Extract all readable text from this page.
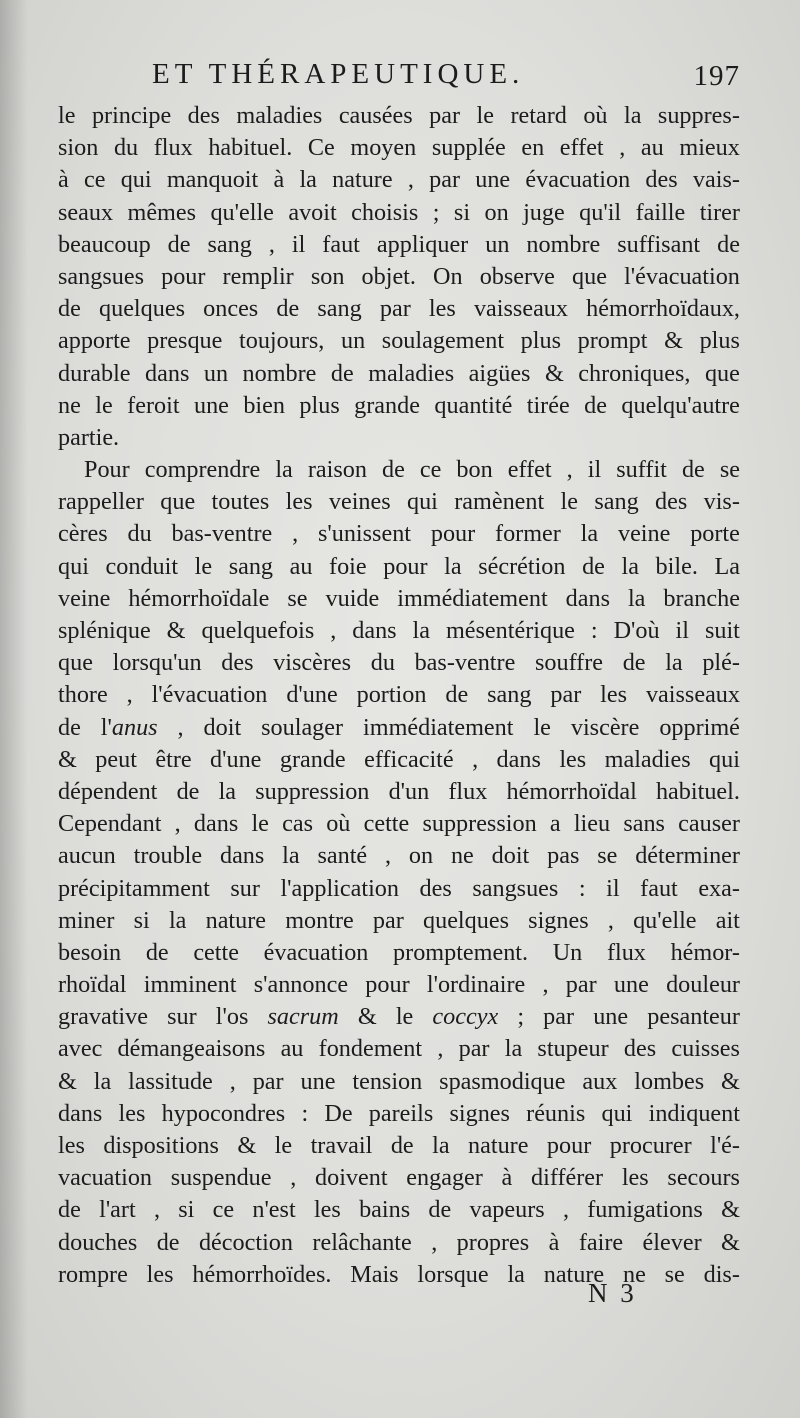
ET THÉRAPEUTIQUE.	197
le principe des maladies causées par le retard où la suppres-
sion du flux habituel. Ce moyen supplée en effet , au mieux
à ce qui manquoit à la nature , par une évacuation des vais-
seaux mêmes qu'elle avoit choisis ; si on juge qu'il faille tirer
beaucoup de sang , il faut appliquer un nombre suffisant de
sangsues pour remplir son objet. On observe que l'évacuation
de quelques onces de sang par les vaisseaux hémorrhoïdaux,
apporte presque toujours, un soulagement plus prompt & plus
durable dans un nombre de maladies aigües & chroniques, que
ne le feroit une bien plus grande quantité tirée de quelqu'autre
partie.
Pour comprendre la raison de ce bon effet , il suffit de se
rappeller que toutes les veines qui ramènent le sang des vis-
cères du bas-ventre , s'unissent pour former la veine porte
qui conduit le sang au foie pour la sécrétion de la bile. La
veine hémorrhoïdale se vuide immédiatement dans la branche
splénique & quelquefois , dans la mésentérique : D'où il suit
que lorsqu'un des viscères du bas-ventre souffre de la plé-
thore , l'évacuation d'une portion de sang par les vaisseaux
de l'anus , doit soulager immédiatement le viscère opprimé
& peut être d'une grande efficacité , dans les maladies qui
dépendent de la suppression d'un flux hémorrhoïdal habituel.
Cependant , dans le cas où cette suppression a lieu sans causer
aucun trouble dans la santé , on ne doit pas se déterminer
précipitamment sur l'application des sangsues : il faut exa-
miner si la nature montre par quelques signes , qu'elle ait
besoin de cette évacuation promptement. Un flux hémor-
rhoïdal imminent s'annonce pour l'ordinaire , par une douleur
gravative sur l'os sacrum & le coccyx ; par une pesanteur
avec démangeaisons au fondement , par la stupeur des cuisses
& la lassitude , par une tension spasmodique aux lombes &
dans les hypocondres : De pareils signes réunis qui indiquent
les dispositions & le travail de la nature pour procurer l'é-
vacuation suspendue , doivent engager à différer les secours
de l'art , si ce n'est les bains de vapeurs , fumigations &
douches de décoction relâchante , propres à faire élever &
rompre les hémorrhoïdes. Mais lorsque la nature ne se dis-
N 3
